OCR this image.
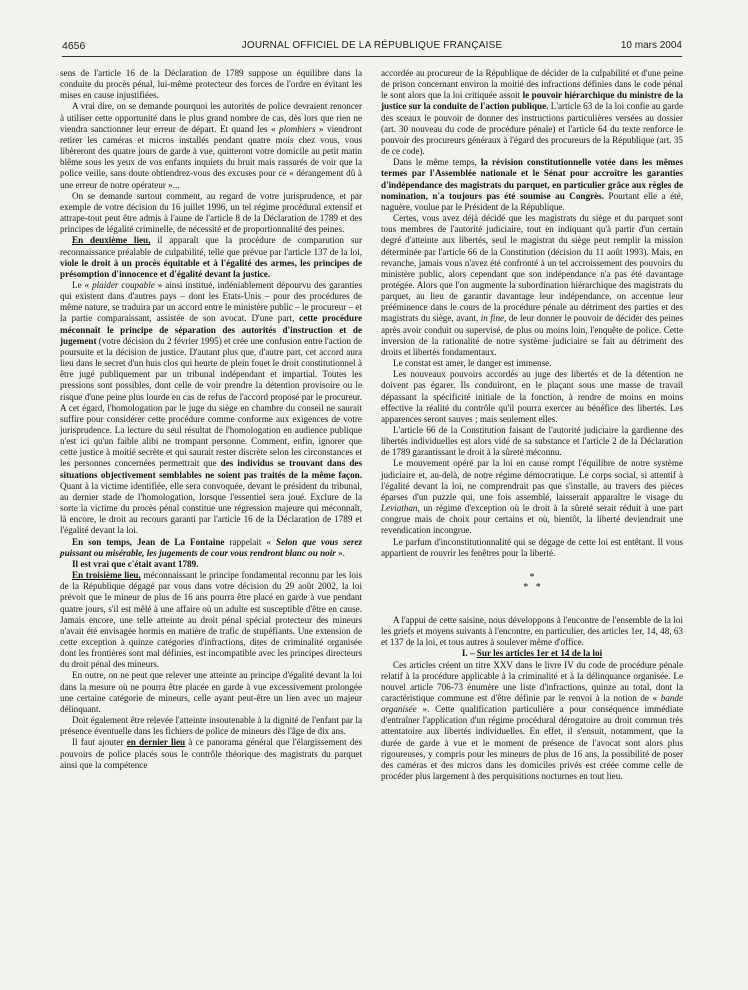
4656	JOURNAL OFFICIEL DE LA RÉPUBLIQUE FRANÇAISE	10 mars 2004

sens de l'article 16 de la Déclaration de 1789 suppose un équilibre dans la conduite du procès pénal, lui-même protecteur des forces de l'ordre en évitant les mises en cause injustifiées.

A vrai dire, on se demande pourquoi les autorités de police devraient renoncer à utiliser cette opportunité dans le plus grand nombre de cas, dès lors que rien ne viendra sanctionner leur erreur de départ. Et quand les « plombiers » viendront retirer les caméras et micros installés pendant quatre mois chez vous, vous libèreront des quatre jours de garde à vue, quitteront votre domicile au petit matin blême sous les yeux de vos enfants inquiets du bruit mais rassurés de voir que la police veille, sans doute obtiendrez-vous des excuses pour ce « dérangement dû à une erreur de notre opérateur »...

On se demande surtout comment, au regard de votre jurisprudence, et par exemple de votre décision du 16 juillet 1996, un tel régime procédural extensif et attrape-tout peut être admis à l'aune de l'article 8 de la Déclaration de 1789 et des principes de légalité criminelle, de nécessité et de proportionnalité des peines.

En deuxième lieu, il apparaît que la procédure de comparution sur reconnaissance préalable de culpabilité, telle que prévue par l'article 137 de la loi, viole le droit à un procès équitable et à l'égalité des armes, les principes de présomption d'innocence et d'égalité devant la justice.

Le « plaider coupable » ainsi institué, indéniablement dépourvu des garanties qui existent dans d'autres pays – dont les Etats-Unis – pour des procédures de même nature, se traduira par un accord entre le ministère public – le procureur – et la partie comparaissant, assistée de son avocat. D'une part, cette procédure méconnaît le principe de séparation des autorités d'instruction et de jugement (votre décision du 2 février 1995) et crée une confusion entre l'action de poursuite et la décision de justice. D'autant plus que, d'autre part, cet accord aura lieu dans le secret d'un huis clos qui heurte de plein fouet le droit constitutionnel à être jugé publiquement par un tribunal indépendant et impartial. Toutes les pressions sont possibles, dont celle de voir prendre la détention provisoire ou le risque d'une peine plus lourde en cas de refus de l'accord proposé par le procureur. A cet égard, l'homologation par le juge du siège en chambre du conseil ne saurait suffire pour considérer cette procédure comme conforme aux exigences de votre jurisprudence. La lecture du seul résultat de l'homologation en audience publique n'est ici qu'un faible alibi ne trompant personne. Comment, enfin, ignorer que cette justice à moitié secrète et qui saurait rester discrète selon les circonstances et les personnes concernées permettrait que des individus se trouvant dans des situations objectivement semblables ne soient pas traités de la même façon. Quant à la victime identifiée, elle sera convoquée, devant le président du tribunal, au dernier stade de l'homologation, lorsque l'essentiel sera joué. Exclure de la sorte la victime du procès pénal constitue une régression majeure qui méconnaît, là encore, le droit au recours garanti par l'article 16 de la Déclaration de 1789 et l'égalité devant la loi.

En son temps, Jean de La Fontaine rappelait « Selon que vous serez puissant ou misérable, les jugements de cour vous rendront blanc ou noir ».

Il est vrai que c'était avant 1789.

En troisième lieu, méconnaissant le principe fondamental reconnu par les lois de la République dégagé par vous dans votre décision du 29 août 2002, la loi prévoit que le mineur de plus de 16 ans pourra être placé en garde à vue pendant quatre jours, s'il est mêlé à une affaire où un adulte est susceptible d'être en cause. Jamais encore, une telle atteinte au droit pénal spécial protecteur des mineurs n'avait été envisagée hormis en matière de trafic de stupéfiants. Une extension de cette exception à quinze catégories d'infractions, dites de criminalité organisée dont les frontières sont mal définies, est incompatible avec les principes directeurs du droit pénal des mineurs.

En outre, on ne peut que relever une atteinte au principe d'égalité devant la loi dans la mesure où ne pourra être placée en garde à vue excessivement prolongée une certaine catégorie de mineurs, celle ayant peut-être un lien avec un majeur délinquant.

Doit également être relevée l'atteinte insoutenable à la dignité de l'enfant par la présence éventuelle dans les fichiers de police de mineurs dès l'âge de dix ans.

Il faut ajouter en dernier lieu à ce panorama général que l'élargissement des pouvoirs de police placés sous le contrôle théorique des magistrats du parquet ainsi que la compétence

accordée au procureur de la République de décider de la culpabilité et d'une peine de prison concernant environ la moitié des infractions définies dans le code pénal le sont alors que la loi critiquée assoit le pouvoir hiérarchique du ministre de la justice sur la conduite de l'action publique. L'article 63 de la loi confie au garde des sceaux le pouvoir de donner des instructions particulières versées au dossier (art. 30 nouveau du code de procédure pénale) et l'article 64 du texte renforce le pouvoir des procureurs généraux à l'égard des procureurs de la République (art. 35 de ce code).

Dans le même temps, la révision constitutionnelle votée dans les mêmes termes par l'Assemblée nationale et le Sénat pour accroître les garanties d'indépendance des magistrats du parquet, en particulier grâce aux règles de nomination, n'a toujours pas été soumise au Congrès. Pourtant elle a été, naguère, voulue par le Président de la République.

Certes, vous avez déjà décidé que les magistrats du siège et du parquet sont tous membres de l'autorité judiciaire, tout en indiquant qu'à partir d'un certain degré d'atteinte aux libertés, seul le magistrat du siège peut remplir la mission déterminée par l'article 66 de la Constitution (décision du 11 août 1993). Mais, en revanche, jamais vous n'avez été confronté à un tel accroissement des pouvoirs du ministère public, alors cependant que son indépendance n'a pas été davantage protégée. Alors que l'on augmente la subordination hiérarchique des magistrats du parquet, au lieu de garantir davantage leur indépendance, on accentue leur prééminence dans le cours de la procédure pénale au détriment des parties et des magistrats du siège, avant, in fine, de leur donner le pouvoir de décider des peines après avoir conduit ou supervisé, de plus ou moins loin, l'enquête de police. Cette inversion de la rationalité de notre système judiciaire se fait au détriment des droits et libertés fondamentaux.

Le constat est amer, le danger est immense.

Les nouveaux pouvoirs accordés au juge des libertés et de la détention ne doivent pas égarer. Ils conduiront, en le plaçant sous une masse de travail dépassant la spécificité initiale de la fonction, à rendre de moins en moins effective la réalité du contrôle qu'il pourra exercer au bénéfice des libertés. Les apparences seront sauves ; mais seulement elles.

L'article 66 de la Constitution faisant de l'autorité judiciaire la gardienne des libertés individuelles est alors vidé de sa substance et l'article 2 de la Déclaration de 1789 garantissant le droit à la sûreté méconnu.

Le mouvement opéré par la loi en cause rompt l'équilibre de notre système judiciaire et, au-delà, de notre régime démocratique. Le corps social, si attentif à l'égalité devant la loi, ne comprendrait pas que s'installe, au travers des pièces éparses d'un puzzle qui, une fois assemblé, laisserait apparaître le visage du Leviathan, un régime d'exception où le droit à la sûreté serait réduit à une part congrue mais de choix pour certains et où, bientôt, la liberté deviendrait une revendication incongrue.

Le parfum d'inconstitutionnalité qui se dégage de cette loi est entêtant. Il vous appartient de rouvrir les fenêtres pour la liberté.

*
*   *

A l'appui de cette saisine, nous développons à l'encontre de l'ensemble de la loi les griefs et moyens suivants à l'encontre, en particulier, des articles 1er, 14, 48, 63 et 137 de la loi, et tous autres à soulever même d'office.

I. – Sur les articles 1er et 14 de la loi

Ces articles créent un titre XXV dans le livre IV du code de procédure pénale relatif à la procédure applicable à la criminalité et à la délinquance organisée. Le nouvel article 706-73 énumère une liste d'infractions, quinze au total, dont la caractéristique commune est d'être définie par le renvoi à la notion de « bande organisée ». Cette qualification particulière a pour conséquence immédiate d'entraîner l'application d'un régime procédural dérogatoire au droit commun très attentatoire aux libertés individuelles. En effet, il s'ensuit, notamment, que la durée de garde à vue et le moment de présence de l'avocat sont alors plus rigoureuses, y compris pour les mineurs de plus de 16 ans, la possibilité de poser des caméras et des micros dans les domiciles privés est créée comme celle de procéder plus largement à des perquisitions nocturnes en tout lieu.
